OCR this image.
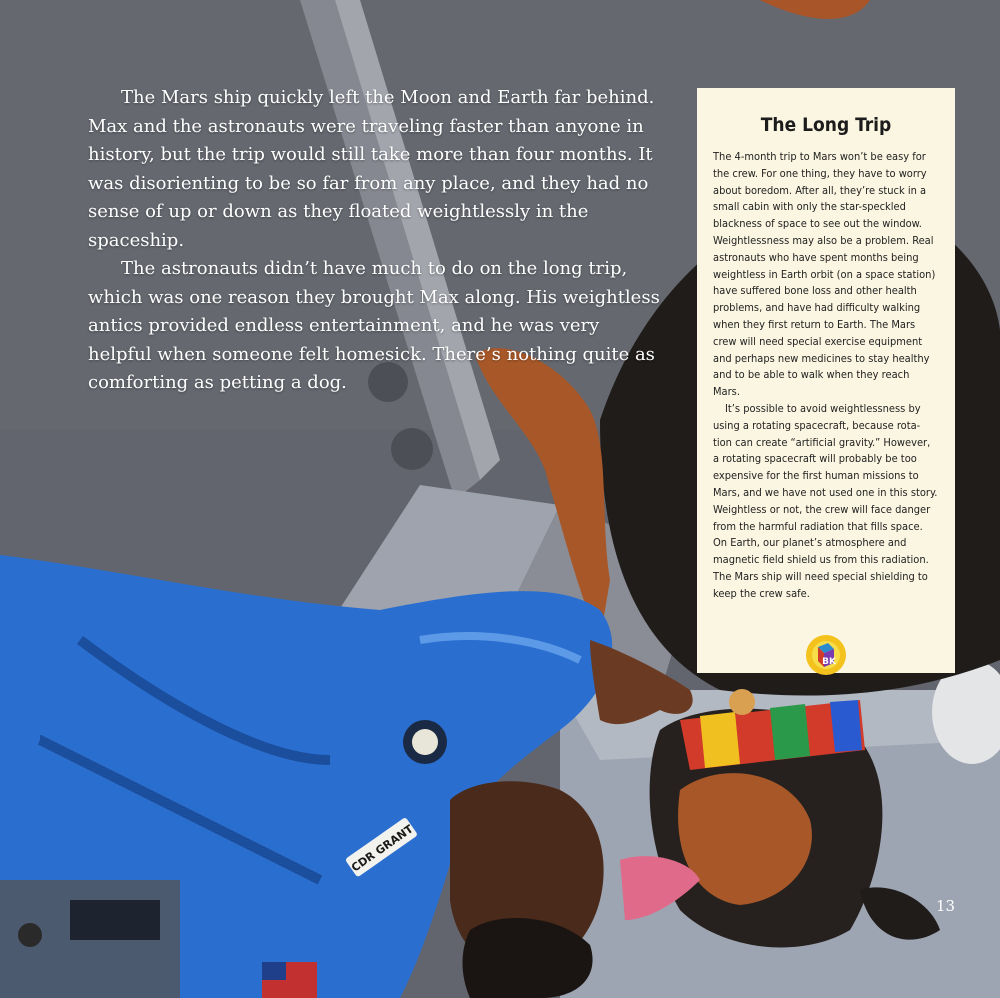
CDR GRANT

The Mars ship quickly left the Moon and Earth far behind. Max and the astronauts were traveling faster than anyone in history, but the trip would still take more than four months. It was disorienting to be so far from any place, and they had no sense of up or down as they floated weightlessly in the spaceship.

The astronauts didn’t have much to do on the long trip, which was one reason they brought Max along. His weightless antics provided endless entertainment, and he was very helpful when someone felt homesick. There’s nothing quite as comforting as petting a dog.

The Long Trip

The 4-month trip to Mars won’t be easy for the crew. For one thing, they have to worry about boredom. After all, they’re stuck in a small cabin with only the star-speckled blackness of space to see out the window. Weightlessness may also be a problem. Real astronauts who have spent months being weightless in Earth orbit (on a space station) have suffered bone loss and other health problems, and have had difficulty walking when they first return to Earth. The Mars crew will need special exercise equipment and perhaps new medicines to stay healthy and to be able to walk when they reach Mars.

It’s possible to avoid weightlessness by using a rotating spacecraft, because rota-tion can create “artificial gravity.” However, a rotating spacecraft will probably be too expensive for the first human missions to Mars, and we have not used one in this story. Weightless or not, the crew will face danger from the harmful radiation that fills space. On Earth, our planet’s atmosphere and magnetic field shield us from this radiation. The Mars ship will need special shielding to keep the crew safe.

BK
13
